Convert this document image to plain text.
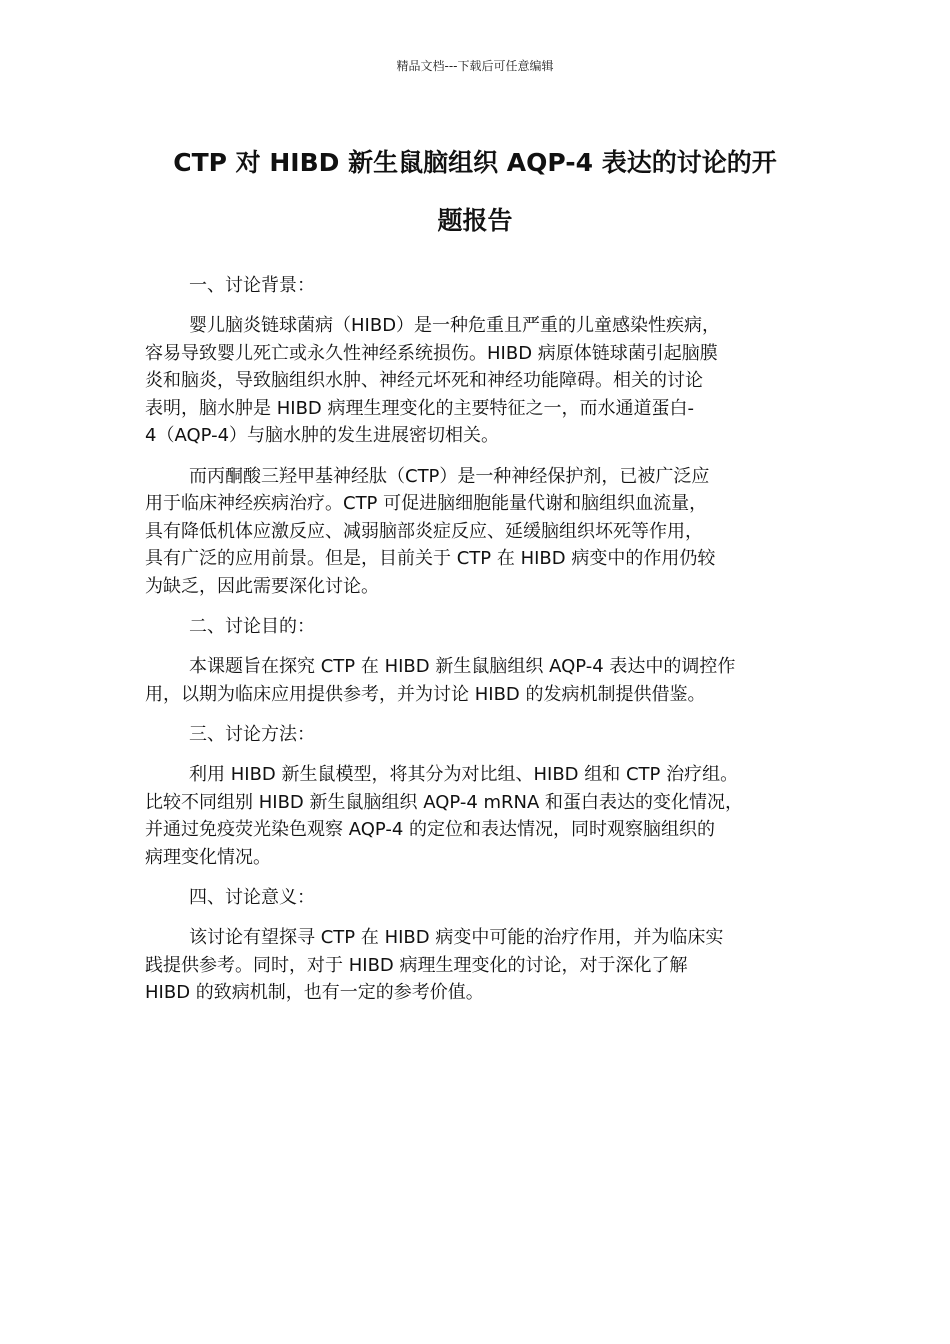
精品文档---下载后可任意编辑
CTP 对 HIBD 新生鼠脑组织 AQP-4 表达的讨论的开
题报告
一、讨论背景：
婴儿脑炎链球菌病（HIBD）是一种危重且严重的儿童感染性疾病，
容易导致婴儿死亡或永久性神经系统损伤。HIBD 病原体链球菌引起脑膜
炎和脑炎，导致脑组织水肿、神经元坏死和神经功能障碍。相关的讨论
表明，脑水肿是 HIBD 病理生理变化的主要特征之一，而水通道蛋白-
4（AQP-4）与脑水肿的发生进展密切相关。
而丙酮酸三羟甲基神经肽（CTP）是一种神经保护剂，已被广泛应
用于临床神经疾病治疗。CTP 可促进脑细胞能量代谢和脑组织血流量，
具有降低机体应激反应、减弱脑部炎症反应、延缓脑组织坏死等作用，
具有广泛的应用前景。但是，目前关于 CTP 在 HIBD 病变中的作用仍较
为缺乏，因此需要深化讨论。
二、讨论目的：
本课题旨在探究 CTP 在 HIBD 新生鼠脑组织 AQP-4 表达中的调控作
用，以期为临床应用提供参考，并为讨论 HIBD 的发病机制提供借鉴。
三、讨论方法：
利用 HIBD 新生鼠模型，将其分为对比组、HIBD 组和 CTP 治疗组。
比较不同组别 HIBD 新生鼠脑组织 AQP-4 mRNA 和蛋白表达的变化情况，
并通过免疫荧光染色观察 AQP-4 的定位和表达情况，同时观察脑组织的
病理变化情况。
四、讨论意义：
该讨论有望探寻 CTP 在 HIBD 病变中可能的治疗作用，并为临床实
践提供参考。同时，对于 HIBD 病理生理变化的讨论，对于深化了解
HIBD 的致病机制，也有一定的参考价值。
